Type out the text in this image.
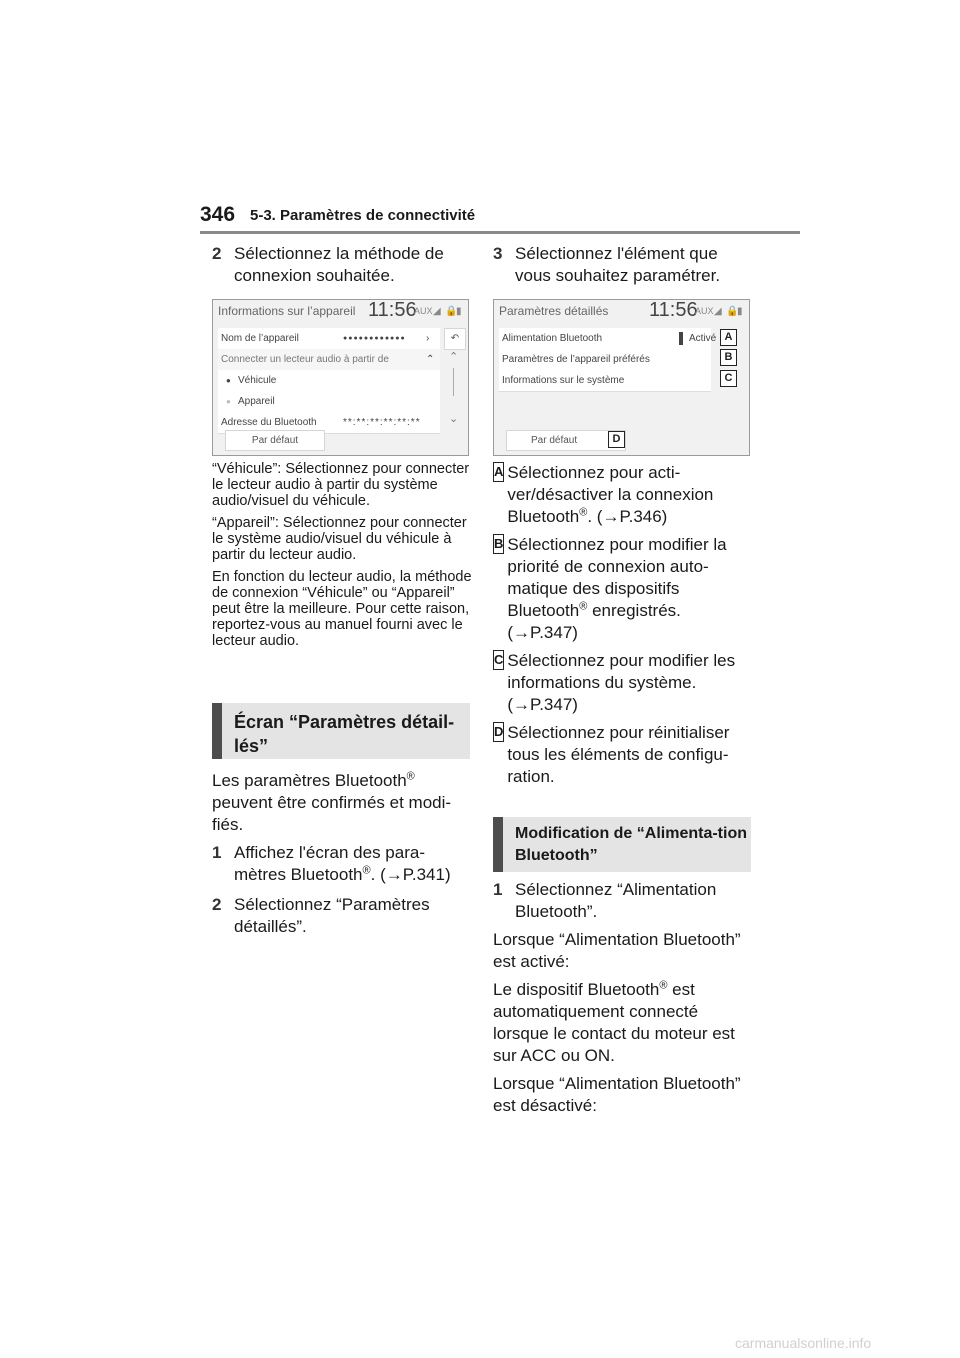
346 5-3. Paramètres de connectivité
2 Sélectionnez la méthode de connexion souhaitée.
Informations sur l’appareil 11:56
AUX ◢ 🔒
▮
Nom de l’appareil	●●●●●●●●●●●● ›	↶
Connecter un lecteur audio à partir de	⌃
● Véhicule
● Appareil
Adresse du Bluetooth	**:**:**:**:**:**
⌃
⌄
Par défaut

“Véhicule”: Sélectionnez pour connecter le lecteur audio à partir du système audio/visuel du véhicule.

“Appareil”: Sélectionnez pour connecter le système audio/visuel du véhicule à partir du lecteur audio.

En fonction du lecteur audio, la méthode de connexion “Véhicule” ou “Appareil” peut être la meilleure. Pour cette raison, reportez-vous au manuel fourni avec le lecteur audio.

Écran “Paramètres détail-lés”

Les paramètres Bluetooth® peuvent être confirmés et modi-fiés.

1 Affichez l'écran des para-mètres Bluetooth®. (→P.341)
2 Sélectionnez “Paramètres détaillés”.
3 Sélectionnez l'élément que vous souhaitez paramétrer.
Paramètres détaillés 11:56
AUX ◢ 🔒
▮
Alimentation Bluetooth	Activé
Paramètres de l’appareil préférés
Informations sur le système
Par défaut
A
B
C
D
A Sélectionnez pour acti-ver/désactiver la connexion Bluetooth®. (→P.346)
B Sélectionnez pour modifier la priorité de connexion auto-matique des dispositifs Bluetooth® enregistrés. (→P.347)
C Sélectionnez pour modifier les informations du système. (→P.347)
D Sélectionnez pour réinitialiser tous les éléments de configu-ration.
Modification de “Alimenta-tion Bluetooth”
1 Sélectionnez “Alimentation Bluetooth”.

Lorsque “Alimentation Bluetooth” est activé:

Le dispositif Bluetooth® est automatiquement connecté lorsque le contact du moteur est sur ACC ou ON.

Lorsque “Alimentation Bluetooth” est désactivé:

carmanualsonline.info
